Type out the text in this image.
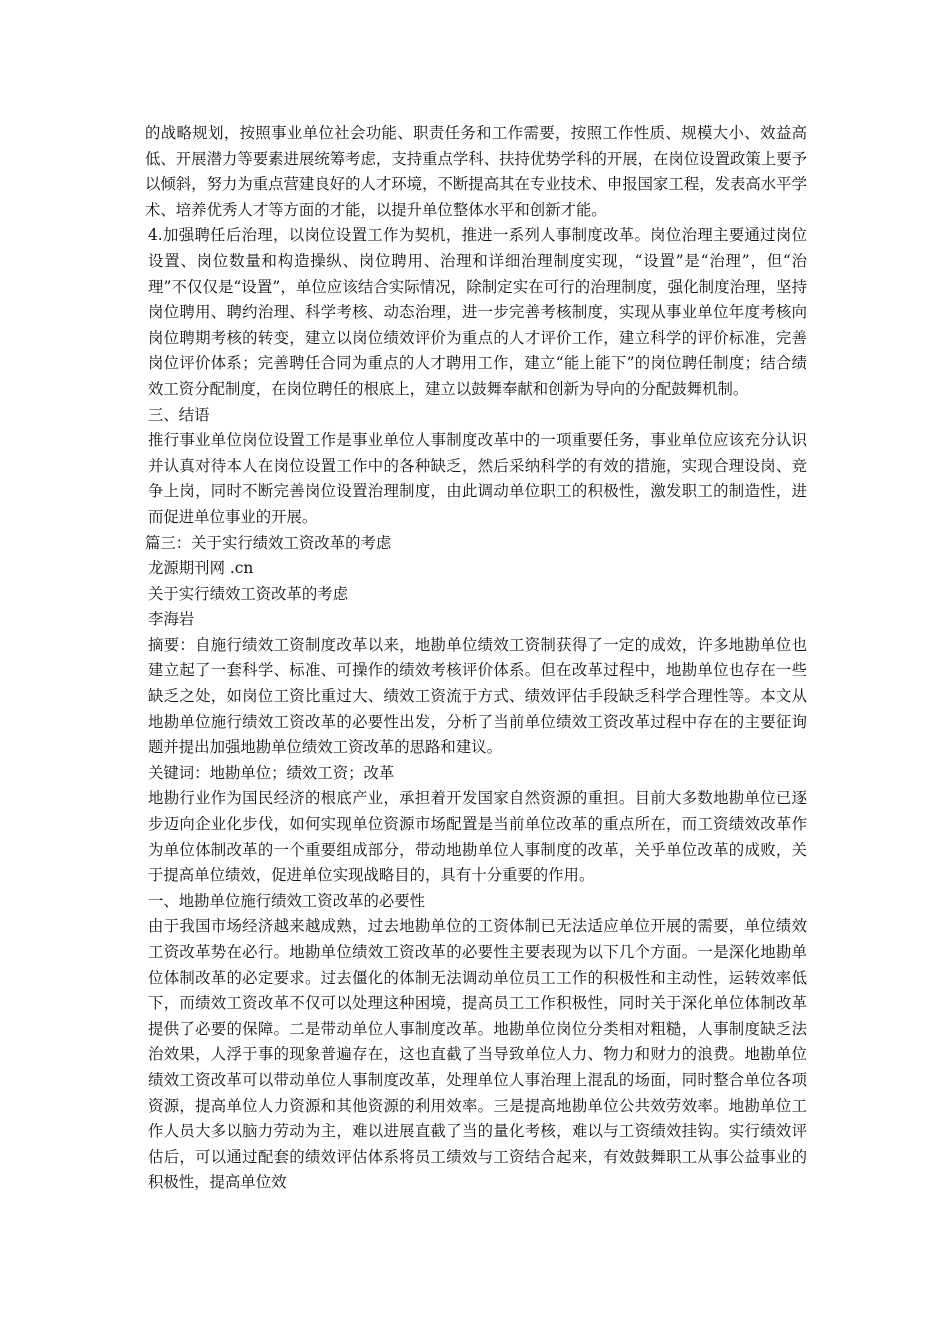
的战略规划，按照事业单位社会功能、职责任务和工作需要，按照工作性质、规模大小、效益高低、开展潜力等要素进展统筹考虑，支持重点学科、扶持优势学科的开展，在岗位设置政策上要予以倾斜，努力为重点营建良好的人才环境，不断提高其在专业技术、申报国家工程，发表高水平学术、培养优秀人才等方面的才能，以提升单位整体水平和创新才能。

4.加强聘任后治理，以岗位设置工作为契机，推进一系列人事制度改革。岗位治理主要通过岗位设置、岗位数量和构造操纵、岗位聘用、治理和详细治理制度实现，“设置”是“治理”，但“治理”不仅仅是“设置”，单位应该结合实际情况，除制定实在可行的治理制度，强化制度治理，坚持岗位聘用、聘约治理、科学考核、动态治理，进一步完善考核制度，实现从事业单位年度考核向岗位聘期考核的转变，建立以岗位绩效评价为重点的人才评价工作，建立科学的评价标准，完善岗位评价体系；完善聘任合同为重点的人才聘用工作，建立“能上能下”的岗位聘任制度；结合绩效工资分配制度，在岗位聘任的根底上，建立以鼓舞奉献和创新为导向的分配鼓舞机制。

三、结语

推行事业单位岗位设置工作是事业单位人事制度改革中的一项重要任务，事业单位应该充分认识并认真对待本人在岗位设置工作中的各种缺乏，然后采纳科学的有效的措施，实现合理设岗、竞争上岗，同时不断完善岗位设置治理制度，由此调动单位职工的积极性，激发职工的制造性，进而促进单位事业的开展。

篇三：关于实行绩效工资改革的考虑

龙源期刊网 .cn

关于实行绩效工资改革的考虑

李海岩

摘要：自施行绩效工资制度改革以来，地勘单位绩效工资制获得了一定的成效，许多地勘单位也建立起了一套科学、标准、可操作的绩效考核评价体系。但在改革过程中，地勘单位也存在一些缺乏之处，如岗位工资比重过大、绩效工资流于方式、绩效评估手段缺乏科学合理性等。本文从地勘单位施行绩效工资改革的必要性出发，分析了当前单位绩效工资改革过程中存在的主要征询题并提出加强地勘单位绩效工资改革的思路和建议。

关键词：地勘单位；绩效工资；改革

地勘行业作为国民经济的根底产业，承担着开发国家自然资源的重担。目前大多数地勘单位已逐步迈向企业化步伐，如何实现单位资源市场配置是当前单位改革的重点所在，而工资绩效改革作为单位体制改革的一个重要组成部分，带动地勘单位人事制度的改革，关乎单位改革的成败，关于提高单位绩效，促进单位实现战略目的，具有十分重要的作用。

一、地勘单位施行绩效工资改革的必要性

由于我国市场经济越来越成熟，过去地勘单位的工资体制已无法适应单位开展的需要，单位绩效工资改革势在必行。地勘单位绩效工资改革的必要性主要表现为以下几个方面。一是深化地勘单位体制改革的必定要求。过去僵化的体制无法调动单位员工工作的积极性和主动性，运转效率低下，而绩效工资改革不仅可以处理这种困境，提高员工工作积极性，同时关于深化单位体制改革提供了必要的保障。二是带动单位人事制度改革。地勘单位岗位分类相对粗糙，人事制度缺乏法治效果，人浮于事的现象普遍存在，这也直截了当导致单位人力、物力和财力的浪费。地勘单位绩效工资改革可以带动单位人事制度改革，处理单位人事治理上混乱的场面，同时整合单位各项资源，提高单位人力资源和其他资源的利用效率。三是提高地勘单位公共效劳效率。地勘单位工作人员大多以脑力劳动为主，难以进展直截了当的量化考核，难以与工资绩效挂钩。实行绩效评估后，可以通过配套的绩效评估体系将员工绩效与工资结合起来，有效鼓舞职工从事公益事业的积极性，提高单位效
